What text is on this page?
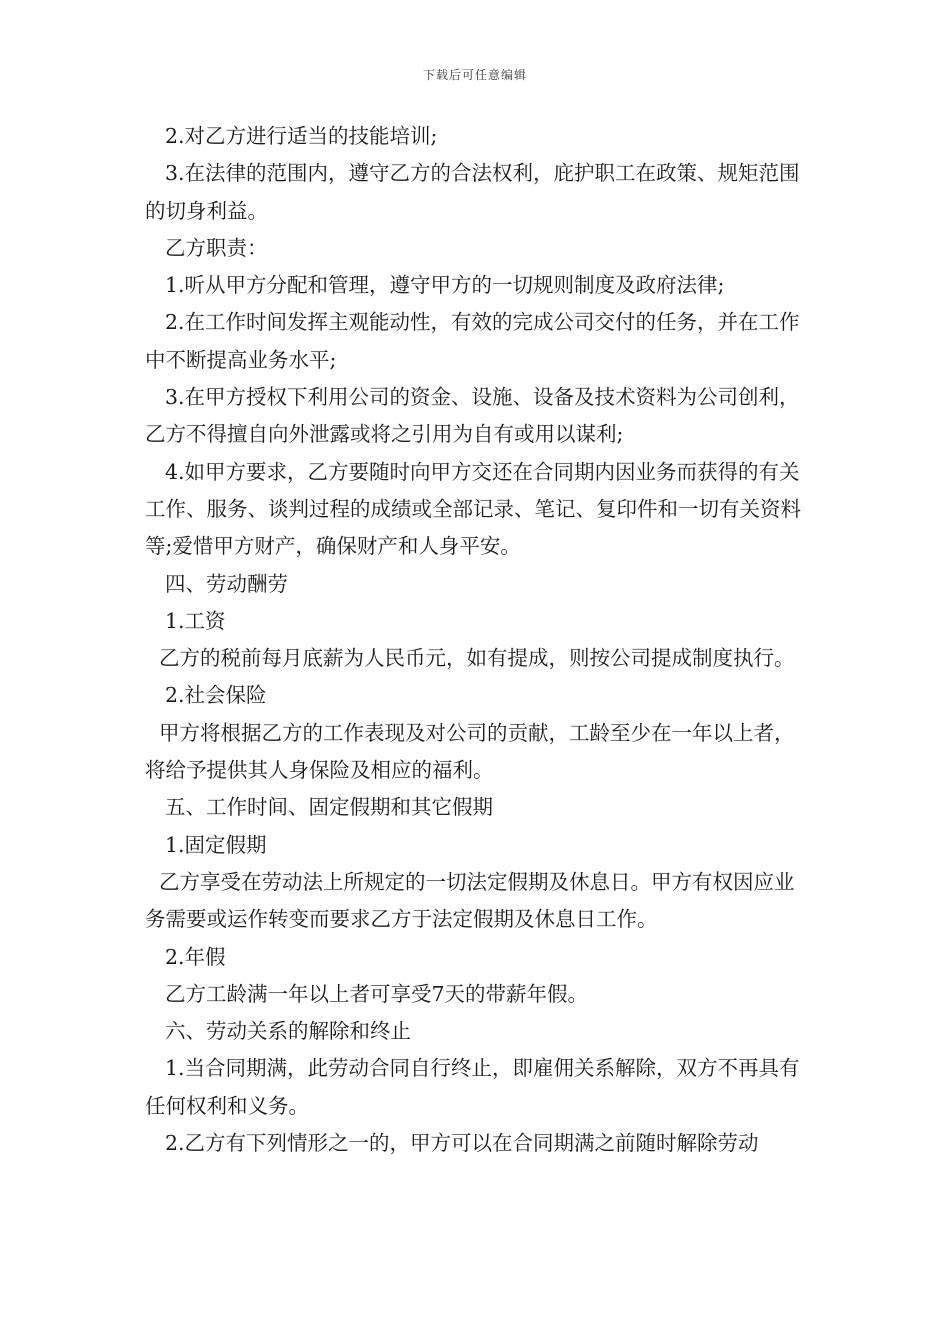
下载后可任意编辑

2.对乙方进行适当的技能培训;

3.在法律的范围内，遵守乙方的合法权利，庇护职工在政策、规矩范围的切身利益。

乙方职责：

1.听从甲方分配和管理，遵守甲方的一切规则制度及政府法律;

2.在工作时间发挥主观能动性，有效的完成公司交付的任务，并在工作中不断提高业务水平;

3.在甲方授权下利用公司的资金、设施、设备及技术资料为公司创利，乙方不得擅自向外泄露或将之引用为自有或用以谋利;

4.如甲方要求，乙方要随时向甲方交还在合同期内因业务而获得的有关工作、服务、谈判过程的成绩或全部记录、笔记、复印件和一切有关资料等;爱惜甲方财产，确保财产和人身平安。

四、劳动酬劳

1.工资

乙方的税前每月底薪为人民币元，如有提成，则按公司提成制度执行。

2.社会保险

甲方将根据乙方的工作表现及对公司的贡献，工龄至少在一年以上者，将给予提供其人身保险及相应的福利。

五、工作时间、固定假期和其它假期

1.固定假期

乙方享受在劳动法上所规定的一切法定假期及休息日。甲方有权因应业务需要或运作转变而要求乙方于法定假期及休息日工作。

2.年假

乙方工龄满一年以上者可享受7天的带薪年假。

六、劳动关系的解除和终止

1.当合同期满，此劳动合同自行终止，即雇佣关系解除，双方不再具有任何权利和义务。

2.乙方有下列情形之一的，甲方可以在合同期满之前随时解除劳动
